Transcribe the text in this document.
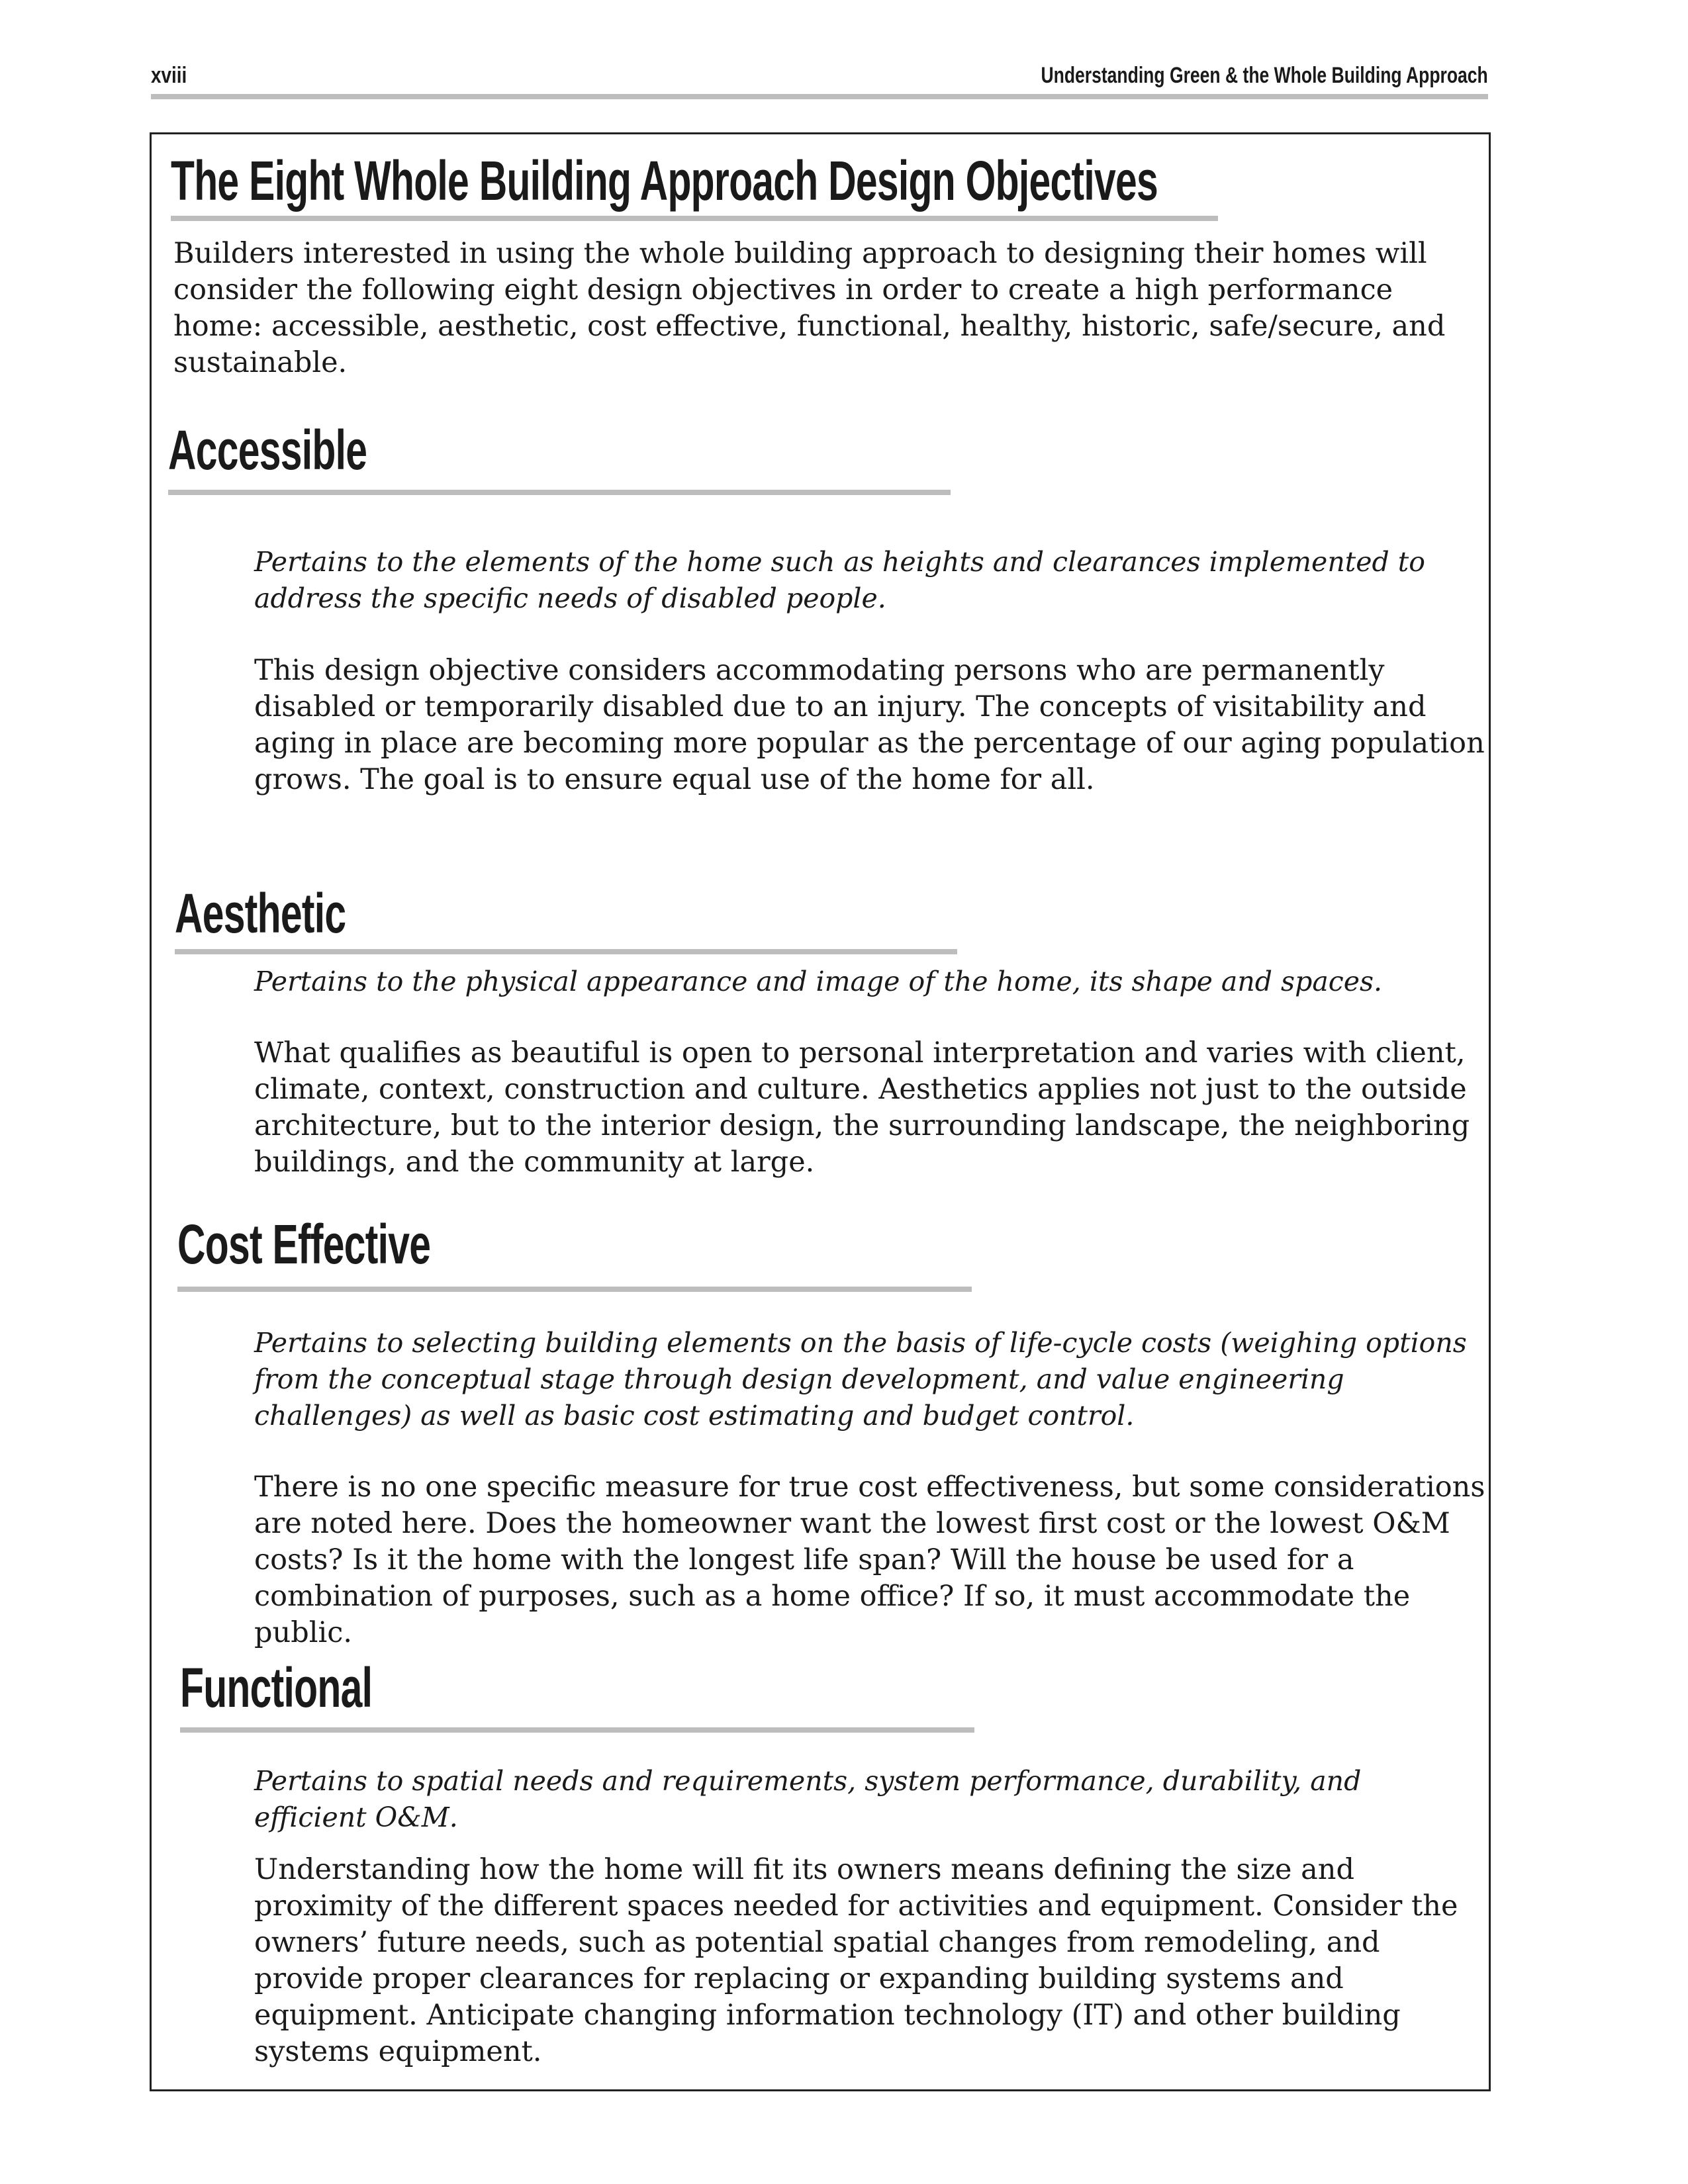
xviii	Understanding Green & the Whole Building Approach
The Eight Whole Building Approach Design Objectives

Builders interested in using the whole building approach to designing their homes will consider the following eight design objectives in order to create a high performance home: accessible, aesthetic, cost effective, functional, healthy, historic, safe/secure, and sustainable.

Accessible

Pertains to the elements of the home such as heights and clearances implemented to address the specific needs of disabled people.

This design objective considers accommodating persons who are permanently disabled or temporarily disabled due to an injury. The concepts of visitability and aging in place are becoming more popular as the percentage of our aging population grows. The goal is to ensure equal use of the home for all.

Aesthetic

Pertains to the physical appearance and image of the home, its shape and spaces.

What qualifies as beautiful is open to personal interpretation and varies with client, climate, context, construction and culture. Aesthetics applies not just to the outside architecture, but to the interior design, the surrounding landscape, the neighboring buildings, and the community at large.

Cost Effective

Pertains to selecting building elements on the basis of life-cycle costs (weighing options from the conceptual stage through design development, and value engineering challenges) as well as basic cost estimating and budget control.

There is no one specific measure for true cost effectiveness, but some considerations are noted here. Does the homeowner want the lowest first cost or the lowest O&M costs? Is it the home with the longest life span? Will the house be used for a combination of purposes, such as a home office? If so, it must accommodate the public.

Functional

Pertains to spatial needs and requirements, system performance, durability, and efficient O&M.

Understanding how the home will fit its owners means defining the size and proximity of the different spaces needed for activities and equipment. Consider the owners’ future needs, such as potential spatial changes from remodeling, and provide proper clearances for replacing or expanding building systems and equipment. Anticipate changing information technology (IT) and other building systems equipment.
